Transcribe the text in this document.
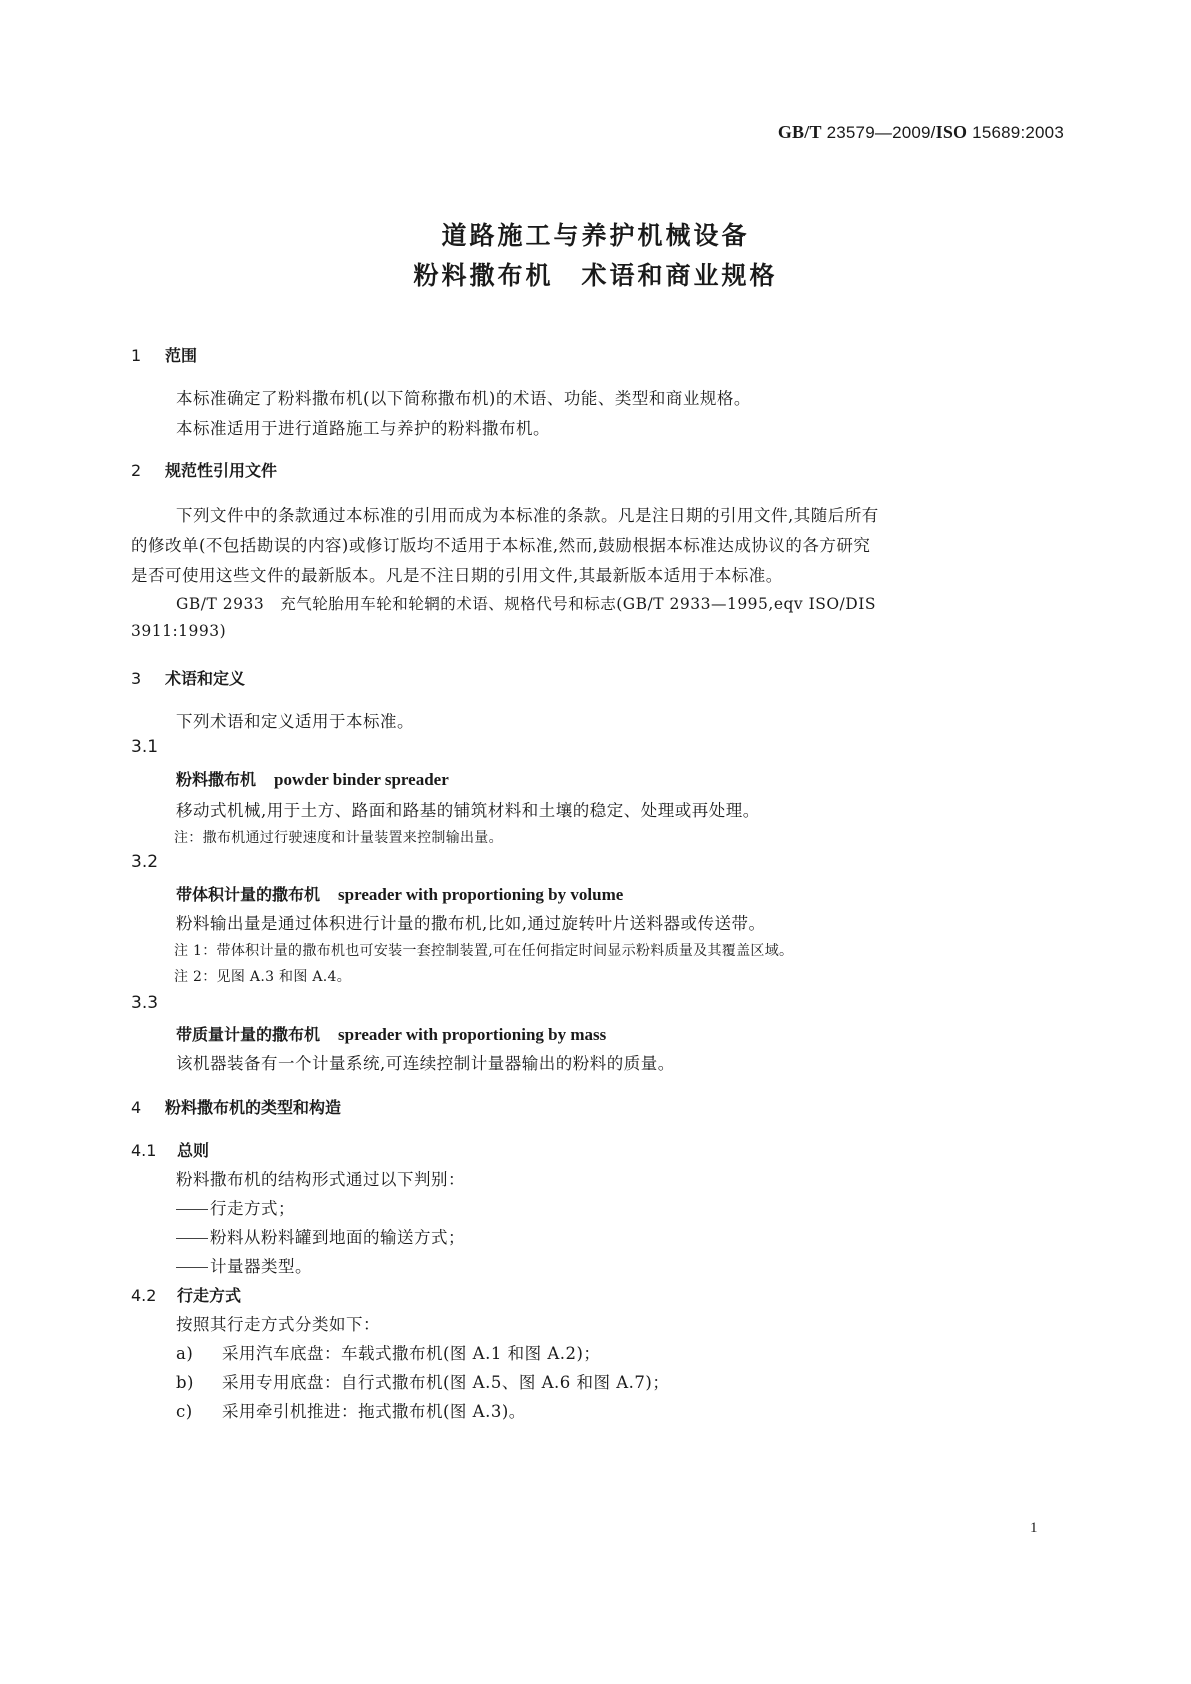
GB/T 23579—2009/ISO 15689:2003
道路施工与养护机械设备
粉料撒布机　术语和商业规格
1 范围
本标准确定了粉料撒布机(以下简称撒布机)的术语、功能、类型和商业规格。
本标准适用于进行道路施工与养护的粉料撒布机。
2 规范性引用文件
下列文件中的条款通过本标准的引用而成为本标准的条款。凡是注日期的引用文件,其随后所有
的修改单(不包括勘误的内容)或修订版均不适用于本标准,然而,鼓励根据本标准达成协议的各方研究
是否可使用这些文件的最新版本。凡是不注日期的引用文件,其最新版本适用于本标准。
GB/T 2933　充气轮胎用车轮和轮辋的术语、规格代号和标志(GB/T 2933—1995,eqv ISO/DIS
3911:1993)
3 术语和定义
下列术语和定义适用于本标准。
3.1
粉料撒布机 powder binder spreader
移动式机械,用于土方、路面和路基的铺筑材料和土壤的稳定、处理或再处理。
注：撒布机通过行驶速度和计量装置来控制输出量。
3.2
带体积计量的撒布机 spreader with proportioning by volume
粉料输出量是通过体积进行计量的撒布机,比如,通过旋转叶片送料器或传送带。
注 1：带体积计量的撒布机也可安装一套控制装置,可在任何指定时间显示粉料质量及其覆盖区域。
注 2：见图 A.3 和图 A.4。
3.3
带质量计量的撒布机 spreader with proportioning by mass
该机器装备有一个计量系统,可连续控制计量器输出的粉料的质量。
4 粉料撒布机的类型和构造
4.1 总则
粉料撒布机的结构形式通过以下判别：
行走方式；
粉料从粉料罐到地面的输送方式；
计量器类型。
4.2 行走方式
按照其行走方式分类如下：
a) 采用汽车底盘：车载式撒布机(图 A.1 和图 A.2)；
b) 采用专用底盘：自行式撒布机(图 A.5、图 A.6 和图 A.7)；
c) 采用牵引机推进：拖式撒布机(图 A.3)。
1
